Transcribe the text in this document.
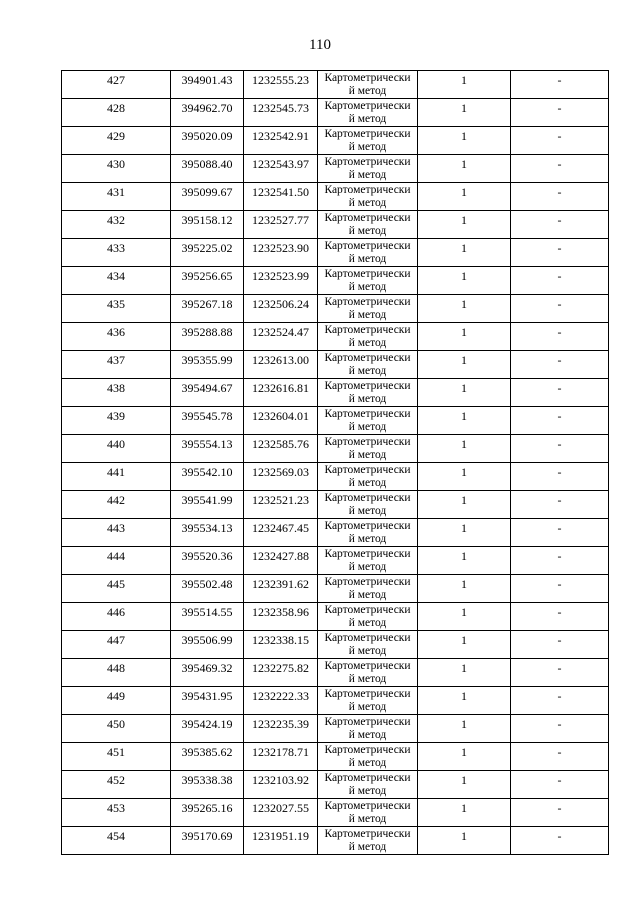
110
427	394901.43	1232555.23	Картометрически
й метод	1	-

428	394962.70	1232545.73	Картометрически
й метод	1	-

429	395020.09	1232542.91	Картометрически
й метод	1	-

430	395088.40	1232543.97	Картометрически
й метод	1	-

431	395099.67	1232541.50	Картометрически
й метод	1	-

432	395158.12	1232527.77	Картометрически
й метод	1	-

433	395225.02	1232523.90	Картометрически
й метод	1	-

434	395256.65	1232523.99	Картометрически
й метод	1	-

435	395267.18	1232506.24	Картометрически
й метод	1	-

436	395288.88	1232524.47	Картометрически
й метод	1	-

437	395355.99	1232613.00	Картометрически
й метод	1	-

438	395494.67	1232616.81	Картометрически
й метод	1	-

439	395545.78	1232604.01	Картометрически
й метод	1	-

440	395554.13	1232585.76	Картометрически
й метод	1	-

441	395542.10	1232569.03	Картометрически
й метод	1	-

442	395541.99	1232521.23	Картометрически
й метод	1	-

443	395534.13	1232467.45	Картометрически
й метод	1	-

444	395520.36	1232427.88	Картометрически
й метод	1	-

445	395502.48	1232391.62	Картометрически
й метод	1	-

446	395514.55	1232358.96	Картометрически
й метод	1	-

447	395506.99	1232338.15	Картометрически
й метод	1	-

448	395469.32	1232275.82	Картометрически
й метод	1	-

449	395431.95	1232222.33	Картометрически
й метод	1	-

450	395424.19	1232235.39	Картометрически
й метод	1	-

451	395385.62	1232178.71	Картометрически
й метод	1	-

452	395338.38	1232103.92	Картометрически
й метод	1	-

453	395265.16	1232027.55	Картометрически
й метод	1	-

454	395170.69	1231951.19	Картометрически
й метод	1	-
